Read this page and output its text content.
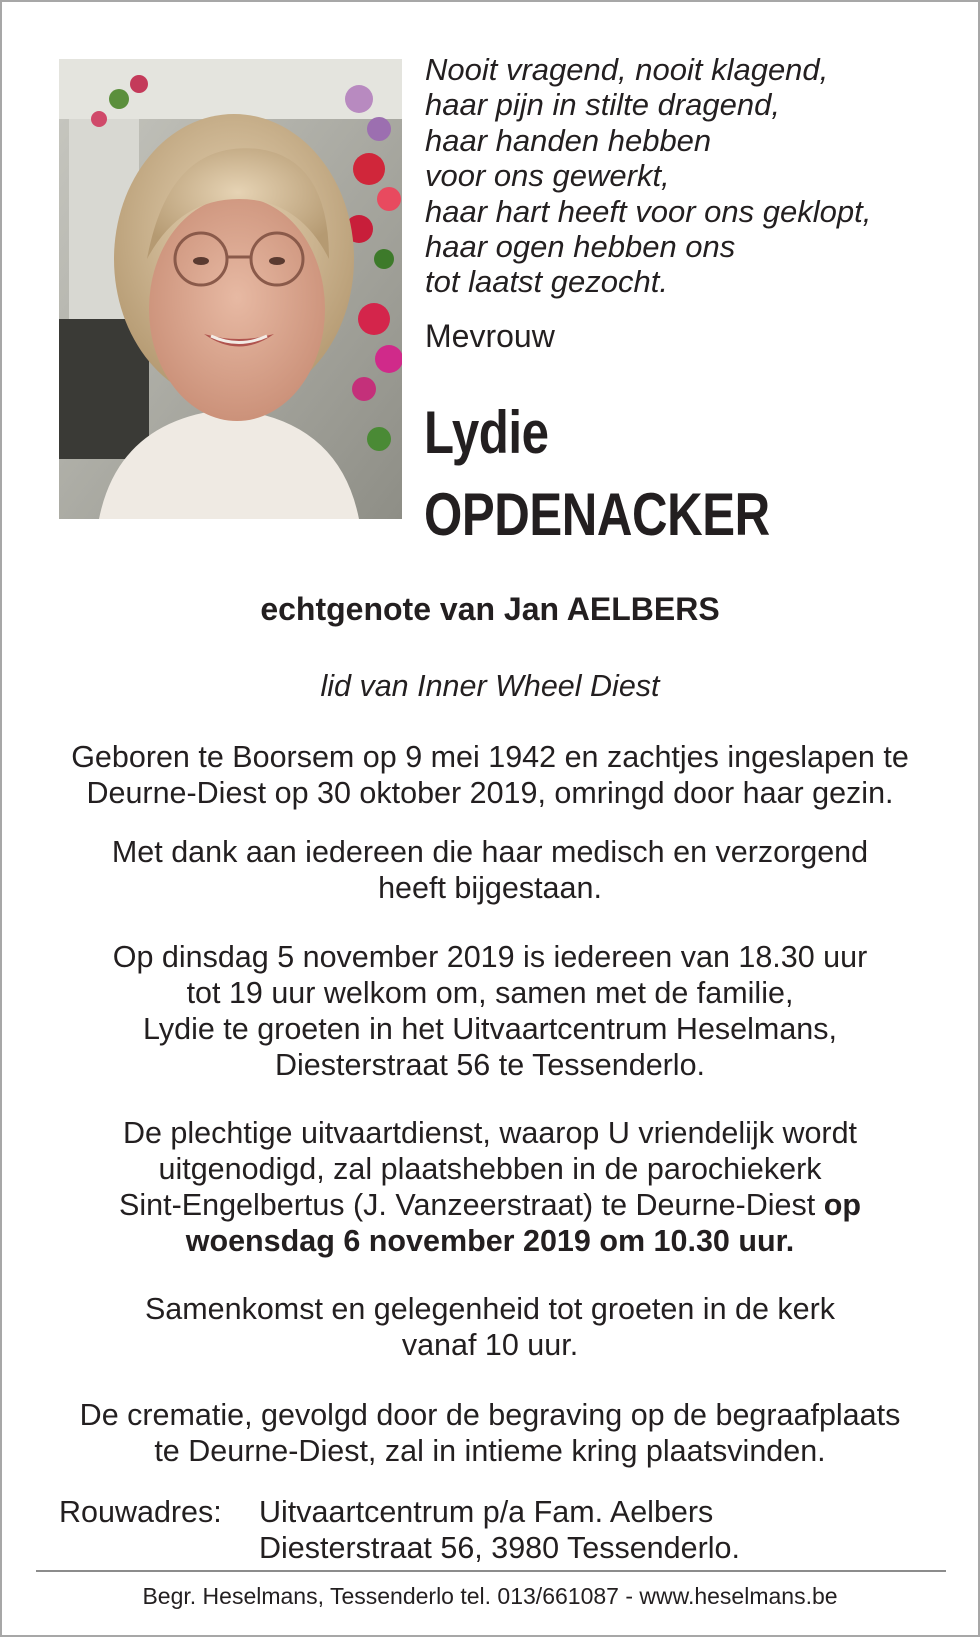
Nooit vragend, nooit klagend,
haar pijn in stilte dragend,
haar handen hebben
voor ons gewerkt,
haar hart heeft voor ons geklopt,
haar ogen hebben ons
tot laatst gezocht.
Mevrouw
Lydie
OPDENACKER
echtgenote van Jan AELBERS
lid van Inner Wheel Diest
Geboren te Boorsem op 9 mei 1942 en zachtjes ingeslapen te
Deurne-Diest op 30 oktober 2019, omringd door haar gezin.
Met dank aan iedereen die haar medisch en verzorgend
heeft bijgestaan.
Op dinsdag 5 november 2019 is iedereen van 18.30 uur
tot 19 uur welkom om, samen met de familie,
Lydie te groeten in het Uitvaartcentrum Heselmans,
Diesterstraat 56 te Tessenderlo.
De plechtige uitvaartdienst, waarop U vriendelijk wordt
uitgenodigd, zal plaatshebben in de parochiekerk
Sint-Engelbertus (J. Vanzeerstraat) te Deurne-Diest op
woensdag 6 november 2019 om 10.30 uur.
Samenkomst en gelegenheid tot groeten in de kerk
vanaf 10 uur.
De crematie, gevolgd door de begraving op de begraafplaats
te Deurne-Diest, zal in intieme kring plaatsvinden.
Rouwadres: Uitvaartcentrum p/a Fam. Aelbers
Diesterstraat 56, 3980 Tessenderlo.
Begr. Heselmans, Tessenderlo tel. 013/661087 - www.heselmans.be
